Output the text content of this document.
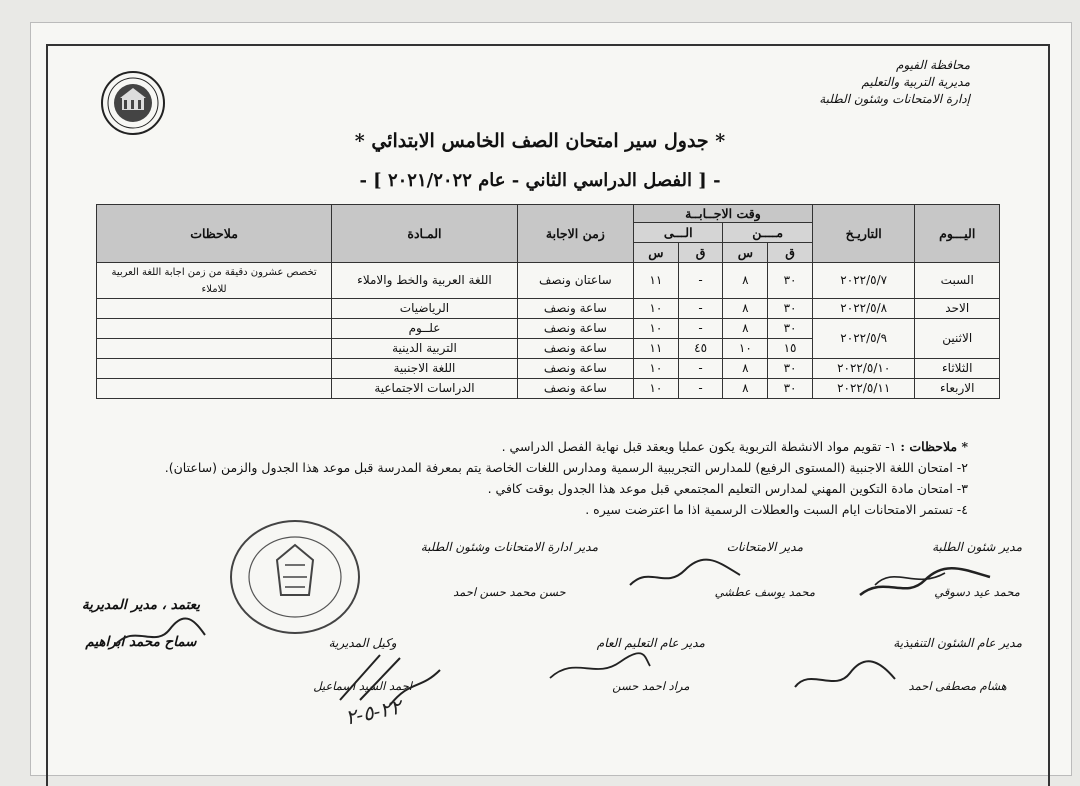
محافظة الفيوم
مديرية التربية والتعليم
إدارة الامتحانات وشئون الطلبة
* جدول سير امتحان الصف الخامس الابتدائي *
- [ الفصل الدراسي الثاني - عام ٢٠٢١/٢٠٢٢ ] -
اليـــوم	التاريـخ	وقت الاجــابــة				زمن الاجابة	المـادة	ملاحظات
		مــــن		الـــى				
		ق	س	ق	س			
السبت	٢٠٢٢/٥/٧	٣٠	٨	-	١١	ساعتان ونصف	اللغة العربية والخط والاملاء	تخصص عشرون دقيقة من زمن اجابة اللغة العربية للاملاء
الاحد	٢٠٢٢/٥/٨	٣٠	٨	-	١٠	ساعة ونصف	الرياضيات	
الاثنين	٢٠٢٢/٥/٩	٣٠	٨	-	١٠	ساعة ونصف	علــوم	
		١٥	١٠	٤٥	١١	ساعة ونصف	التربية الدينية	
الثلاثاء	٢٠٢٢/٥/١٠	٣٠	٨	-	١٠	ساعة ونصف	اللغة الاجنبية	
الاربعاء	٢٠٢٢/٥/١١	٣٠	٨	-	١٠	ساعة ونصف	الدراسات الاجتماعية	
* ملاحظات : ١- تقويم مواد الانشطة التربوية يكون عمليا ويعقد قبل نهاية الفصل الدراسي .
٢- امتحان اللغة الاجنبية (المستوى الرفيع) للمدارس التجريبية الرسمية ومدارس اللغات الخاصة يتم بمعرفة المدرسة قبل موعد هذا الجدول والزمن (ساعتان).
٣- امتحان مادة التكوين المهني لمدارس التعليم المجتمعي قبل موعد هذا الجدول بوقت كافي .
٤- تستمر الامتحانات ايام السبت والعطلات الرسمية اذا ما اعترضت سيره .
مدير شئون الطلبة
محمد عيد دسوقي
مدير الامتحانات
محمد يوسف عطشي
مدير ادارة الامتحانات وشئون الطلبة
حسن محمد حسن احمد
مدير عام الشئون التنفيذية
هشام مصطفى احمد
مدير عام التعليم العام
مراد احمد حسن
وكيل المديرية
احمد السيد اسماعيل
يعتمد ، مدير المديرية
سماح محمد ابراهيم
٢٢-٥-٢
